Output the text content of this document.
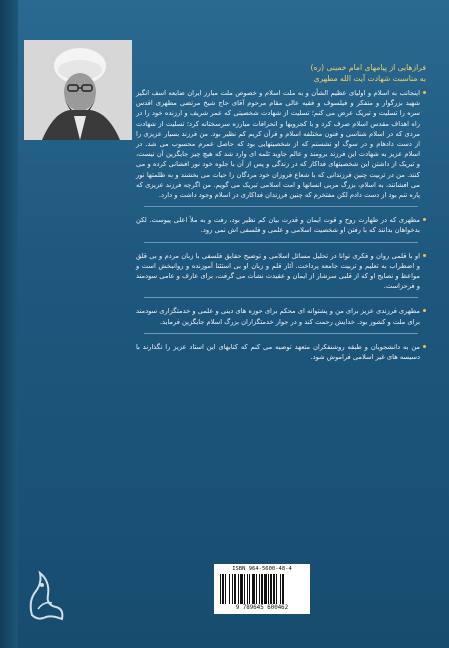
فرازهایی از پیامهای امام خمینی (ره)
به مناسبت شهادت آیت الله مطهری

اینجانب به اسلام و اولیای عظیم الشأن و به ملت اسلام و خصوص ملت مبارز ایران ضایعه اسف انگیز شهید بزرگوار و متفکر و فیلسوف و فقیه عالی مقام مرحوم آقای حاج شیخ مرتضی مطهری اقدس سره را تسلیت و تبریک عرض می کنم؛ تسلیت از شهادت شخصیتی که عمر شریف و ارزنده خود را در راه اهداف مقدس اسلام صرف کرد و با کجرویها و انحرافات مبارزه سرسختانه کرد؛ تسلیت از شهادت مردی که در اسلام شناسی و فنون مختلفه اسلام و قرآن کریم کم نظیر بود. من فرزند بسیار عزیزی را از دست دادهام و در سوگ او نشستم که از شخصیتهایی بود که حاصل عمرم محسوب می شد. در اسلام عزیز به شهادت این فرزند برومند و عالم جاوید ثلمه ای وارد شد که هیچ چیز جایگزین آن نیست، و تبریک از داشتن این شخصیتهای فداکار که در زندگی و پس از آن با جلوه خود نور افشانی کرده و می کنند. من در تربیت چنین فرزندانی که با شعاع فروزان خود مردگان را حیات می بخشند و به ظلمتها نور می افشانند، به اسلام، بزرگ مربی انسانها و امت اسلامی تبریک می گویم. من اگرچه فرزند عزیزی که پاره تنم بود از دست دادم لکن مفتخرم که چنین فرزندان فداکاری در اسلام وجود داشت و دارد.

مطهری که در طهارت روح و قوت ایمان و قدرت بیان کم نظیر بود، رفت و به ملأ اعلی پیوست. لکن بدخواهان بدانند که با رفتن او شخصیت اسلامی و علمی و فلسفی اش نمی رود.

او با قلمی روان و فکری توانا در تحلیل مسائل اسلامی و توضیح حقایق فلسفی با زبان مردم و بی قلق و اضطراب به تعلیم و تربیت جامعه پرداخت. آثار قلم و زبان او بی استثنا آموزنده و روانبخش است و مواعظ و نصایح او که از قلبی سرشار از ایمان و عقیدت نشأت می گرفت، برای عارف و عامی سودمند و فرحزاست.

مطهری فرزندی عزیز برای من و پشتوانه ای محکم برای حوزه های دینی و علمی و خدمتگزاری سودمند برای ملت و کشور بود. خدایش رحمت کند و در جوار خدمتگزاران بزرگ اسلام جایگزین فرماید.

من به دانشجویان و طبقه روشنفکران متعهد توصیه می کنم که کتابهای این استاد عزیز را نگذارند با دسیسه های غیر اسلامی فراموش شود.

ISBN 964-5600-48-4
9 789645 600462
